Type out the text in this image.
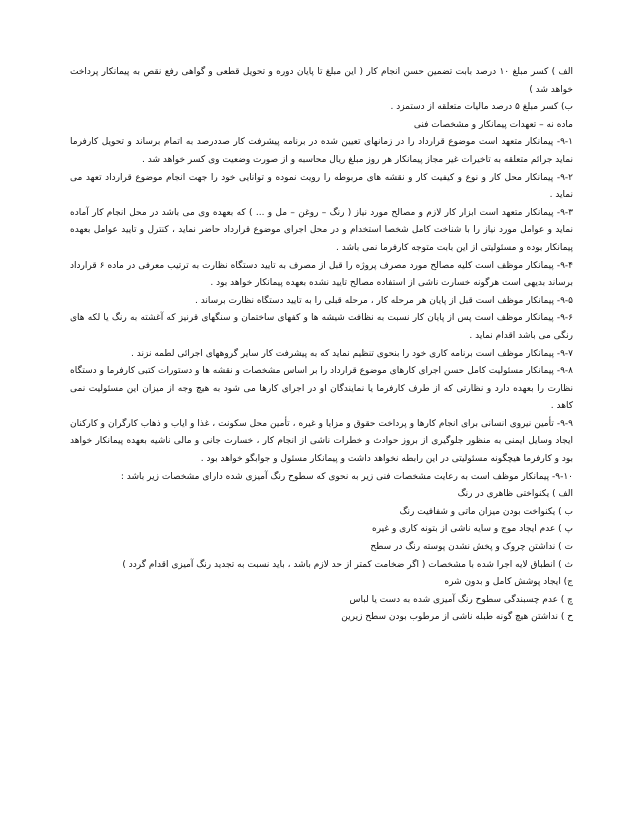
الف ) کسر مبلغ ۱۰ درصد بابت تضمین حسن انجام کار ( این مبلغ تا پایان دوره و تحویل قطعی و گواهی رفع نقص به پیمانکار پرداخت خواهد شد )

ب) کسر مبلغ ۵ درصد مالیات متعلقه از دستمزد .

ماده نه – تعهدات پیمانکار و مشخصات فنی

۹-۱- پیمانکار متعهد است موضوع قرارداد را در زمانهای تعیین شده در برنامه پیشرفت کار صددرصد به اتمام برساند و تحویل کارفرما نماید جرائم متعلقه به تاخیرات غیر مجاز پیمانکار هر روز مبلغ ریال محاسبه و از صورت وضعیت وی کسر خواهد شد .

۹-۲- پیمانکار محل کار و نوع و کیفیت کار و نقشه های مربوطه را رویت نموده و توانایی خود را جهت انجام موضوع قرارداد تعهد می نماید .

۹-۳- پیمانکار متعهد است ابزار کار لازم و مصالح مورد نیاز ( رنگ – روغن – مل و ... ) که بعهده وی می باشد در محل انجام کار آماده نماید و عوامل مورد نیاز را با شناخت کامل شخصا استخدام و در محل اجرای موضوع قرارداد حاضر نماید ، کنترل و تایید عوامل بعهده پیمانکار بوده و مسئولیتی از این بابت متوجه کارفرما نمی باشد .

۹-۴- پیمانکار موظف است کلیه مصالح مورد مصرف پروژه را قبل از مصرف به تایید دستگاه نظارت به ترتیب معرفی در ماده ۶ قرارداد برساند بدیهی است هرگونه خسارت ناشی از استفاده مصالح تایید نشده بعهده پیمانکار خواهد بود .

۹-۵- پیمانکار موظف است قبل از پایان هر مرحله کار ، مرحله قبلی را به تایید دستگاه نظارت برساند .

۹-۶- پیمانکار موظف است پس از پایان کار نسبت به نظافت شیشه ها و کفهای ساختمان و سنگهای قرنیز که آغشته به رنگ یا لکه های رنگی می باشد اقدام نماید .

۹-۷- پیمانکار موظف است برنامه کاری خود را بنحوی تنظیم نماید که به پیشرفت کار سایر گروههای اجرائی لطمه نزند .

۹-۸- پیمانکار مسئولیت کامل حسن اجرای کارهای موضوع قرارداد را بر اساس مشخصات و نقشه ها و دستورات کتبی کارفرما و دستگاه نظارت را بعهده دارد و نظارتی که از طرف کارفرما یا نمایندگان او در اجرای کارها می شود به هیچ وجه از میزان این مسئولیت نمی کاهد .

۹-۹- تأمین نیروی انسانی برای انجام کارها و پرداخت حقوق و مزایا و غیره ، تأمین محل سکونت ، غذا و ایاب و ذهاب کارگران و کارکنان ایجاد وسایل ایمنی به منظور جلوگیری از بروز حوادث و خطرات ناشی از انجام کار ، خسارت جانی و مالی ناشیه بعهده پیمانکار خواهد بود و کارفرما هیچگونه مسئولیتی در این رابطه نخواهد داشت و پیمانکار مسئول و جوابگو خواهد بود .

۹-۱۰- پیمانکار موظف است به رعایت مشخصات فنی زیر به نحوی که سطوح رنگ آمیزی شده دارای مشخصات زیر باشد :

الف ) یکنواختی ظاهری در رنگ

ب ) یکنواخت بودن میزان ماتی و شفافیت رنگ

پ ) عدم ایجاد موج و سایه ناشی از بتونه کاری و غیره

ت ) نداشتن چروک و پخش نشدن پوسته رنگ در سطح

ث ) انطباق لایه اجرا شده با مشخصات ( اگر ضخامت کمتر از حد لازم باشد ، باید نسبت به تجدید رنگ آمیزی اقدام گردد )

ج) ایجاد پوشش کامل و بدون شره

چ ) عدم چسبندگی سطوح رنگ آمیزی شده به دست یا لباس

ح ) نداشتن هیچ گونه طبله ناشی از مرطوب بودن سطح زیرین
